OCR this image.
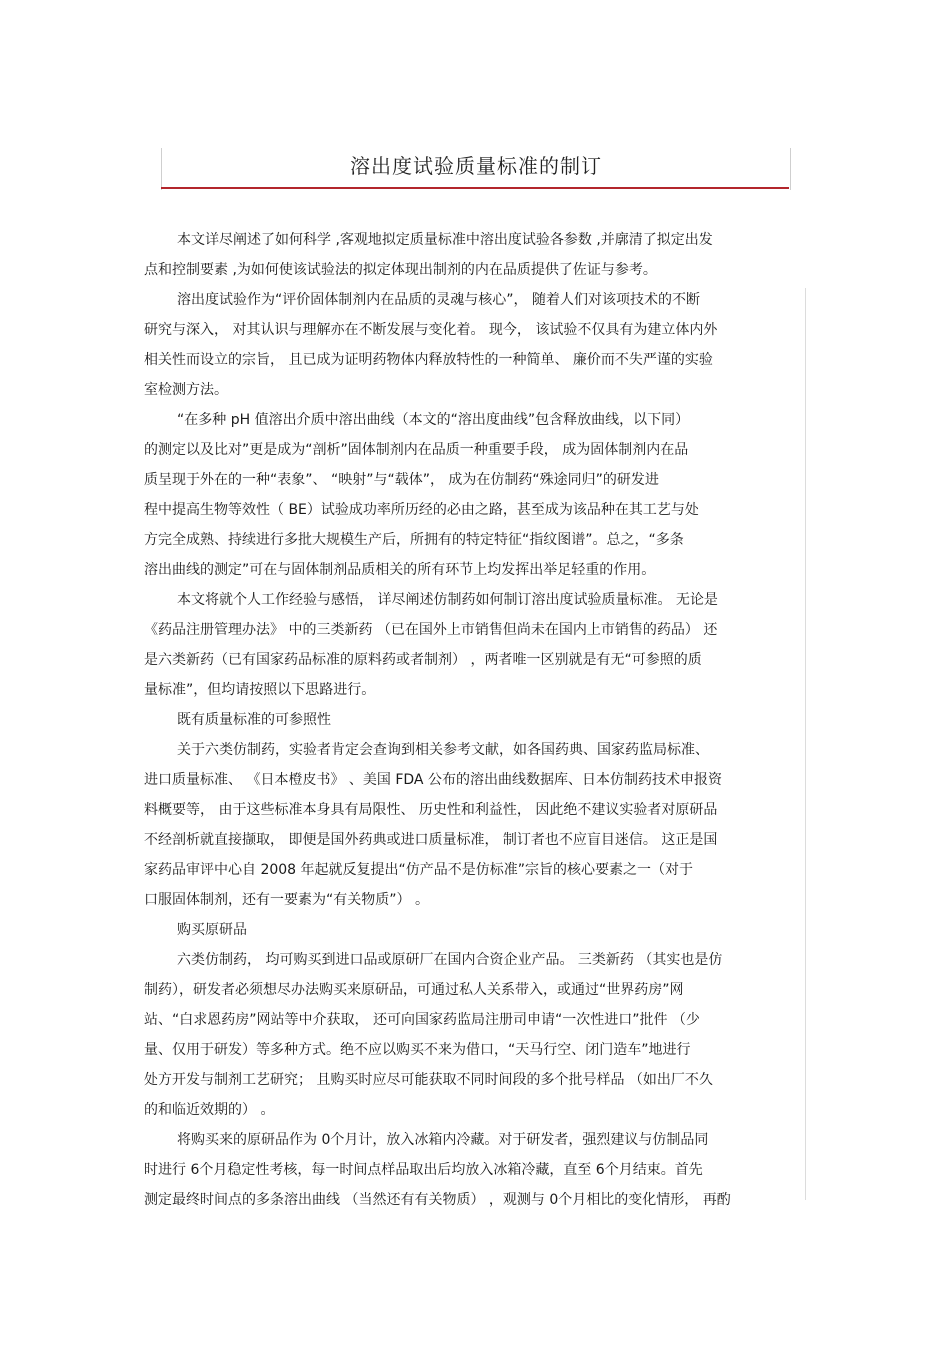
溶出度试验质量标准的制订
本文详尽阐述了如何科学 ,客观地拟定质量标准中溶出度试验各参数 ,并廓清了拟定出发
点和控制要素 ,为如何使该试验法的拟定体现出制剂的内在品质提供了佐证与参考。
溶出度试验作为“评价固体制剂内在品质的灵魂与核心”， 随着人们对该项技术的不断
研究与深入， 对其认识与理解亦在不断发展与变化着。 现今， 该试验不仅具有为建立体内外
相关性而设立的宗旨， 且已成为证明药物体内释放特性的一种简单、 廉价而不失严谨的实验
室检测方法。
“在多种 pH 值溶出介质中溶出曲线（本文的“溶出度曲线”包含释放曲线，以下同）
的测定以及比对”更是成为“剖析”固体制剂内在品质一种重要手段， 成为固体制剂内在品
质呈现于外在的一种“表象”、 “映射”与“载体”， 成为在仿制药“殊途同归”的研发进
程中提高生物等效性（ BE）试验成功率所历经的必由之路，甚至成为该品种在其工艺与处
方完全成熟、持续进行多批大规模生产后，所拥有的特定特征“指纹图谱”。总之，“多条
溶出曲线的测定”可在与固体制剂品质相关的所有环节上均发挥出举足轻重的作用。
本文将就个人工作经验与感悟， 详尽阐述仿制药如何制订溶出度试验质量标准。 无论是
《药品注册管理办法》 中的三类新药 （已在国外上市销售但尚未在国内上市销售的药品） 还
是六类新药（已有国家药品标准的原料药或者制剂） ，两者唯一区别就是有无“可参照的质
量标准”，但均请按照以下思路进行。
既有质量标准的可参照性
关于六类仿制药，实验者肯定会查询到相关参考文献，如各国药典、国家药监局标准、
进口质量标准、 《日本橙皮书》 、美国 FDA 公布的溶出曲线数据库、日本仿制药技术申报资
料概要等， 由于这些标准本身具有局限性、 历史性和利益性， 因此绝不建议实验者对原研品
不经剖析就直接撷取， 即便是国外药典或进口质量标准， 制订者也不应盲目迷信。 这正是国
家药品审评中心自 2008 年起就反复提出“仿产品不是仿标准”宗旨的核心要素之一（对于
口服固体制剂，还有一要素为“有关物质”） 。
购买原研品
六类仿制药， 均可购买到进口品或原研厂在国内合资企业产品。 三类新药 （其实也是仿
制药），研发者必须想尽办法购买来原研品，可通过私人关系带入，或通过“世界药房”网
站、“白求恩药房”网站等中介获取， 还可向国家药监局注册司申请“一次性进口”批件 （少
量、仅用于研发）等多种方式。绝不应以购买不来为借口，“天马行空、闭门造车”地进行
处方开发与制剂工艺研究； 且购买时应尽可能获取不同时间段的多个批号样品 （如出厂不久
的和临近效期的） 。
将购买来的原研品作为 0个月计，放入冰箱内冷藏。对于研发者，强烈建议与仿制品同
时进行 6个月稳定性考核，每一时间点样品取出后均放入冰箱冷藏，直至 6个月结束。首先
测定最终时间点的多条溶出曲线 （当然还有有关物质） ，观测与 0个月相比的变化情形， 再酌
